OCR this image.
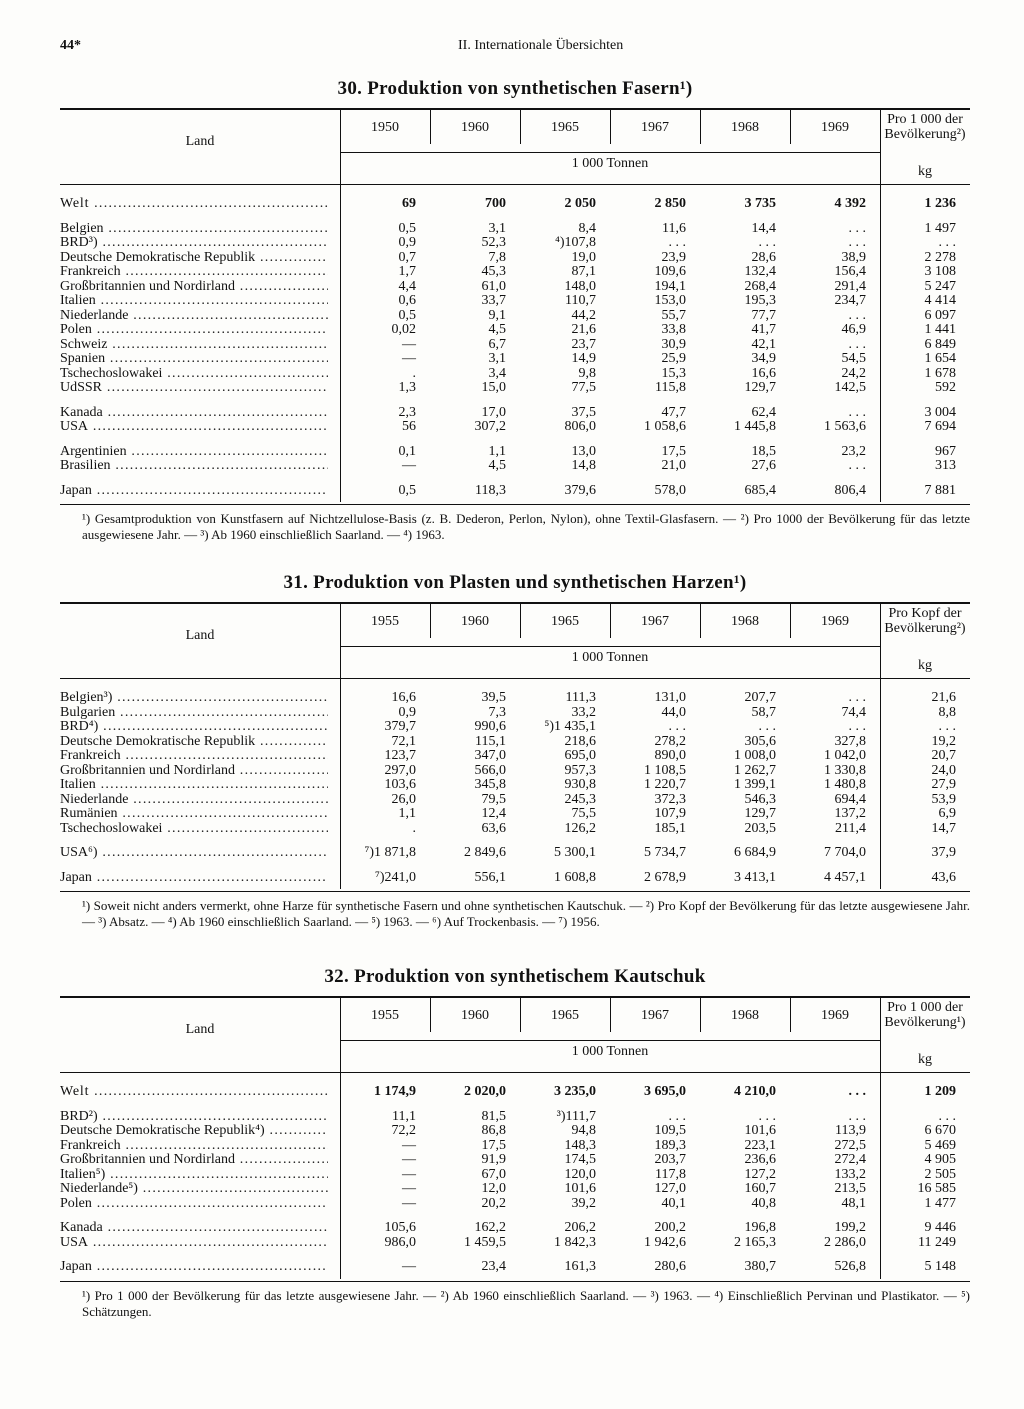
44*	II. Internationale Übersichten
30. Produktion von synthetischen Fasern¹)
Land
1950	1960	1965	1967	1968	1969
1 000 Tonnen
Pro 1 000 der Bevölkerung²)
kg
Welt .....	69	700	2 050	2 850	3 735	4 392	1 236
Belgien .....	0,5	3,1	8,4	11,6	14,4	. . .	1 497
BRD³) .....	0,9	52,3	⁴)107,8	. . .	. . .	. . .	. . .
Deutsche Demokratische Republik .....	0,7	7,8	19,0	23,9	28,6	38,9	2 278
Frankreich .....	1,7	45,3	87,1	109,6	132,4	156,4	3 108
Großbritannien und Nordirland .....	4,4	61,0	148,0	194,1	268,4	291,4	5 247
Italien .....	0,6	33,7	110,7	153,0	195,3	234,7	4 414
Niederlande .....	0,5	9,1	44,2	55,7	77,7	. . .	6 097
Polen .....	0,02	4,5	21,6	33,8	41,7	46,9	1 441
Schweiz .....	—	6,7	23,7	30,9	42,1	. . .	6 849
Spanien .....	—	3,1	14,9	25,9	34,9	54,5	1 654
Tschechoslowakei .....	.	3,4	9,8	15,3	16,6	24,2	1 678
UdSSR .....	1,3	15,0	77,5	115,8	129,7	142,5	592
Kanada .....	2,3	17,0	37,5	47,7	62,4	. . .	3 004
USA .....	56	307,2	806,0	1 058,6	1 445,8	1 563,6	7 694
Argentinien .....	0,1	1,1	13,0	17,5	18,5	23,2	967
Brasilien .....	—	4,5	14,8	21,0	27,6	. . .	313
Japan .....	0,5	118,3	379,6	578,0	685,4	806,4	7 881
¹) Gesamtproduktion von Kunstfasern auf Nichtzellulose-Basis (z. B. Dederon, Perlon, Nylon), ohne Textil-Glasfasern. — ²) Pro 1000 der Bevölkerung für das letzte ausgewiesene Jahr. — ³) Ab 1960 einschließlich Saarland. — ⁴) 1963.
31. Produktion von Plasten und synthetischen Harzen¹)
Land
1955	1960	1965	1967	1968	1969
1 000 Tonnen
Pro Kopf der Bevölkerung²)
kg
Belgien³) .....	16,6	39,5	111,3	131,0	207,7	. . .	21,6
Bulgarien .....	0,9	7,3	33,2	44,0	58,7	74,4	8,8
BRD⁴) .....	379,7	990,6	⁵)1 435,1	. . .	. . .	. . .	. . .
Deutsche Demokratische Republik .....	72,1	115,1	218,6	278,2	305,6	327,8	19,2
Frankreich .....	123,7	347,0	695,0	890,0	1 008,0	1 042,0	20,7
Großbritannien und Nordirland .....	297,0	566,0	957,3	1 108,5	1 262,7	1 330,8	24,0
Italien .....	103,6	345,8	930,8	1 220,7	1 399,1	1 480,8	27,9
Niederlande .....	26,0	79,5	245,3	372,3	546,3	694,4	53,9
Rumänien .....	1,1	12,4	75,5	107,9	129,7	137,2	6,9
Tschechoslowakei .....	.	63,6	126,2	185,1	203,5	211,4	14,7
USA⁶) .....	⁷)1 871,8	2 849,6	5 300,1	5 734,7	6 684,9	7 704,0	37,9
Japan .....	⁷)241,0	556,1	1 608,8	2 678,9	3 413,1	4 457,1	43,6
¹) Soweit nicht anders vermerkt, ohne Harze für synthetische Fasern und ohne synthetischen Kautschuk. — ²) Pro Kopf der Bevölkerung für das letzte ausgewiesene Jahr. — ³) Absatz. — ⁴) Ab 1960 einschließlich Saarland. — ⁵) 1963. — ⁶) Auf Trockenbasis. — ⁷) 1956.
32. Produktion von synthetischem Kautschuk
Land
1955	1960	1965	1967	1968	1969
1 000 Tonnen
Pro 1 000 der Bevölkerung¹)
kg
Welt .....	1 174,9	2 020,0	3 235,0	3 695,0	4 210,0	. . .	1 209
BRD²) .....	11,1	81,5	³)111,7	. . .	. . .	. . .	. . .
Deutsche Demokratische Republik⁴) .....	72,2	86,8	94,8	109,5	101,6	113,9	6 670
Frankreich .....	—	17,5	148,3	189,3	223,1	272,5	5 469
Großbritannien und Nordirland .....	—	91,9	174,5	203,7	236,6	272,4	4 905
Italien⁵) .....	—	67,0	120,0	117,8	127,2	133,2	2 505
Niederlande⁵) .....	—	12,0	101,6	127,0	160,7	213,5	16 585
Polen .....	—	20,2	39,2	40,1	40,8	48,1	1 477
Kanada .....	105,6	162,2	206,2	200,2	196,8	199,2	9 446
USA .....	986,0	1 459,5	1 842,3	1 942,6	2 165,3	2 286,0	11 249
Japan .....	—	23,4	161,3	280,6	380,7	526,8	5 148
¹) Pro 1 000 der Bevölkerung für das letzte ausgewiesene Jahr. — ²) Ab 1960 einschließlich Saarland. — ³) 1963. — ⁴) Einschließlich Pervinan und Plastikator. — ⁵) Schätzungen.
